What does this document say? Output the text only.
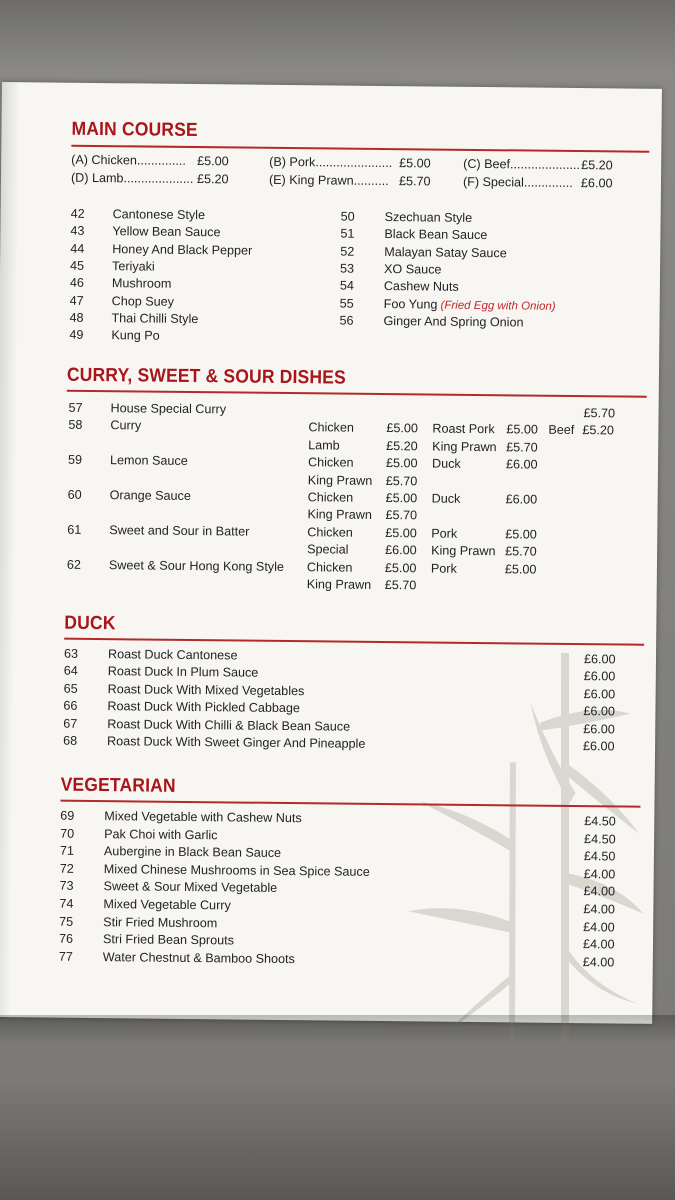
MAIN COURSE
(A) Chicken.............. £5.00	(B) Pork...................... £5.00	(C) Beef.................... £5.20
(D) Lamb.................... £5.20	(E) King Prawn.......... £5.70	(F) Special.............. £6.00
42 Cantonese Style
43 Yellow Bean Sauce
44 Honey And Black Pepper
45 Teriyaki
46 Mushroom
47 Chop Suey
48 Thai Chilli Style
49 Kung Po
50 Szechuan Style
51 Black Bean Sauce
52 Malayan Satay Sauce
53 XO Sauce
54 Cashew Nuts
55 Foo Yung (Fried Egg with Onion)
56 Ginger And Spring Onion
CURRY, SWEET & SOUR DISHES
57 House Special Curry	£5.70
58 Curry	Chicken	£5.00 Roast Pork £5.00 Beef £5.20
Lamb	£5.20 King Prawn £5.70
59 Lemon Sauce	Chicken	£5.00 Duck	£6.00
King Prawn £5.70
60 Orange Sauce	Chicken	£5.00 Duck	£6.00
King Prawn £5.70
61 Sweet and Sour in Batter	Chicken	£5.00 Pork	£5.00
Special	£6.00 King Prawn £5.70
62 Sweet & Sour Hong Kong Style Chicken	£5.00 Pork	£5.00
King Prawn £5.70
DUCK
63 Roast Duck Cantonese	£6.00
64 Roast Duck In Plum Sauce	£6.00
65 Roast Duck With Mixed Vegetables	£6.00
66 Roast Duck With Pickled Cabbage	£6.00
67 Roast Duck With Chilli & Black Bean Sauce	£6.00
68 Roast Duck With Sweet Ginger And Pineapple	£6.00
VEGETARIAN
69 Mixed Vegetable with Cashew Nuts	£4.50
70 Pak Choi with Garlic	£4.50
71 Aubergine in Black Bean Sauce	£4.50
72 Mixed Chinese Mushrooms in Sea Spice Sauce	£4.00
73 Sweet & Sour Mixed Vegetable	£4.00
74 Mixed Vegetable Curry	£4.00
75 Stir Fried Mushroom	£4.00
76 Stri Fried Bean Sprouts	£4.00
77 Water Chestnut & Bamboo Shoots	£4.00
